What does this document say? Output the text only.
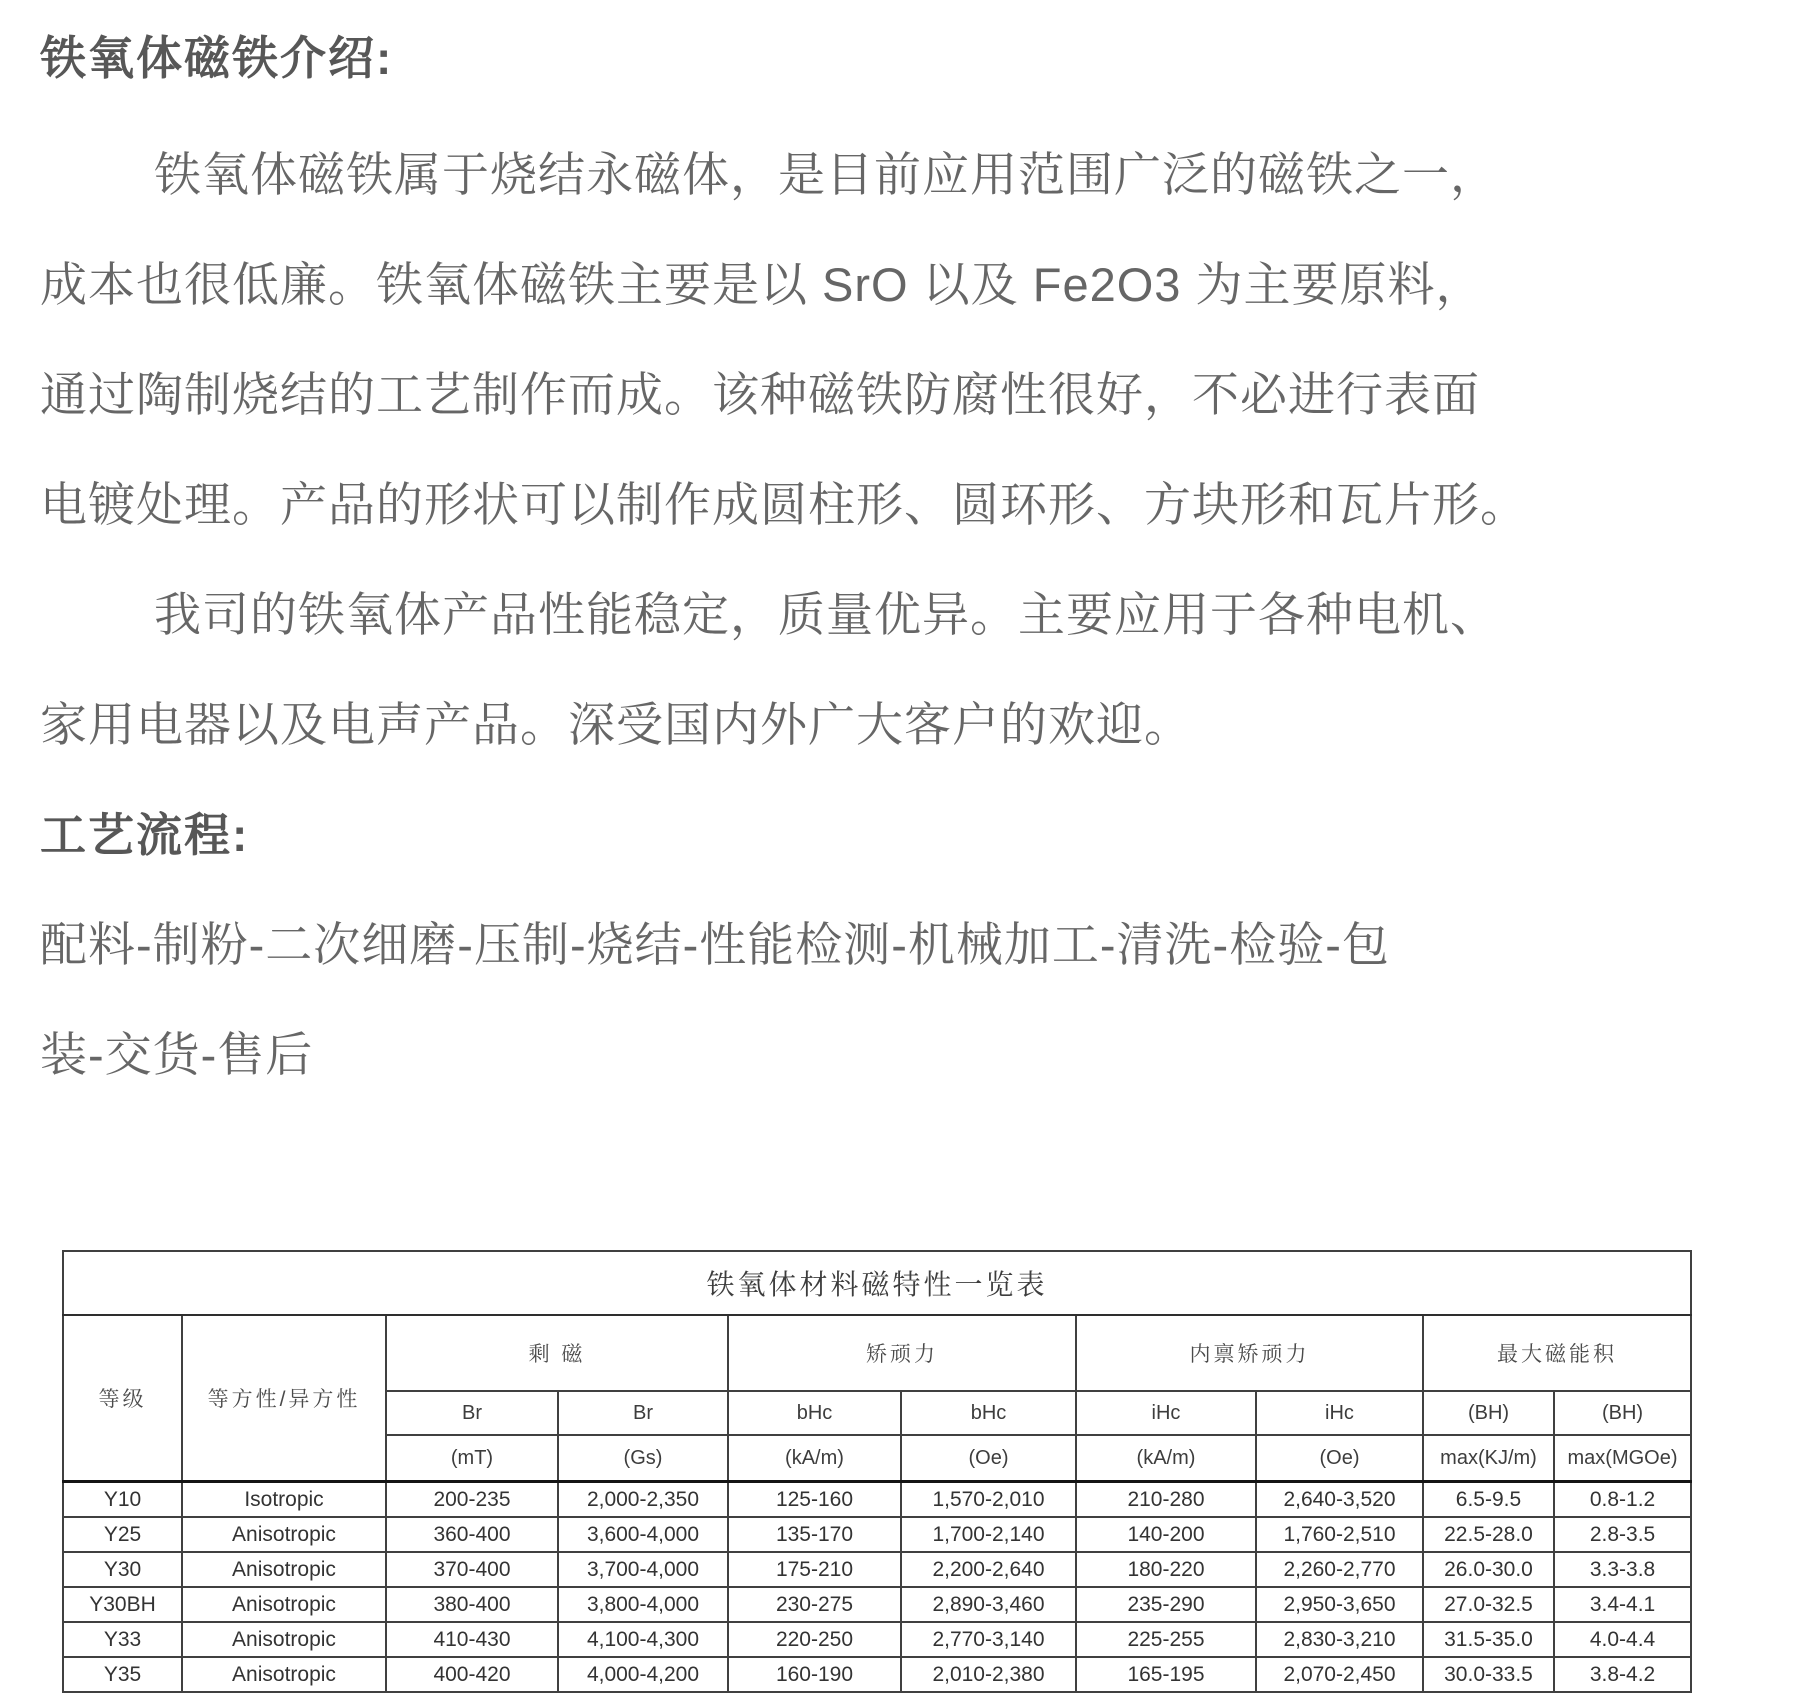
铁氧体磁铁介绍:
铁氧体磁铁属于烧结永磁体，是目前应用范围广泛的磁铁之一，
成本也很低廉。铁氧体磁铁主要是以 SrO 以及 Fe2O3 为主要原料，
通过陶制烧结的工艺制作而成。该种磁铁防腐性很好，不必进行表面
电镀处理。产品的形状可以制作成圆柱形、圆环形、方块形和瓦片形。
我司的铁氧体产品性能稳定，质量优异。主要应用于各种电机、
家用电器以及电声产品。深受国内外广大客户的欢迎。
工艺流程:
配料-制粉-二次细磨-压制-烧结-性能检测-机械加工-清洗-检验-包
装-交货-售后
铁氧体材料磁特性一览表									
等级	等方性/异方性	剩 磁		矫顽力		内禀矫顽力		最大磁能积	
		Br	Br	bHc	bHc	iHc	iHc	(BH)	(BH)
		(mT)	(Gs)	(kA/m)	(Oe)	(kA/m)	(Oe)	max(KJ/m)	max(MGOe)
Y10	Isotropic	200-235	2,000-2,350	125-160	1,570-2,010	210-280	2,640-3,520	6.5-9.5	0.8-1.2
Y25	Anisotropic	360-400	3,600-4,000	135-170	1,700-2,140	140-200	1,760-2,510	22.5-28.0	2.8-3.5
Y30	Anisotropic	370-400	3,700-4,000	175-210	2,200-2,640	180-220	2,260-2,770	26.0-30.0	3.3-3.8
Y30BH	Anisotropic	380-400	3,800-4,000	230-275	2,890-3,460	235-290	2,950-3,650	27.0-32.5	3.4-4.1
Y33	Anisotropic	410-430	4,100-4,300	220-250	2,770-3,140	225-255	2,830-3,210	31.5-35.0	4.0-4.4
Y35	Anisotropic	400-420	4,000-4,200	160-190	2,010-2,380	165-195	2,070-2,450	30.0-33.5	3.8-4.2
